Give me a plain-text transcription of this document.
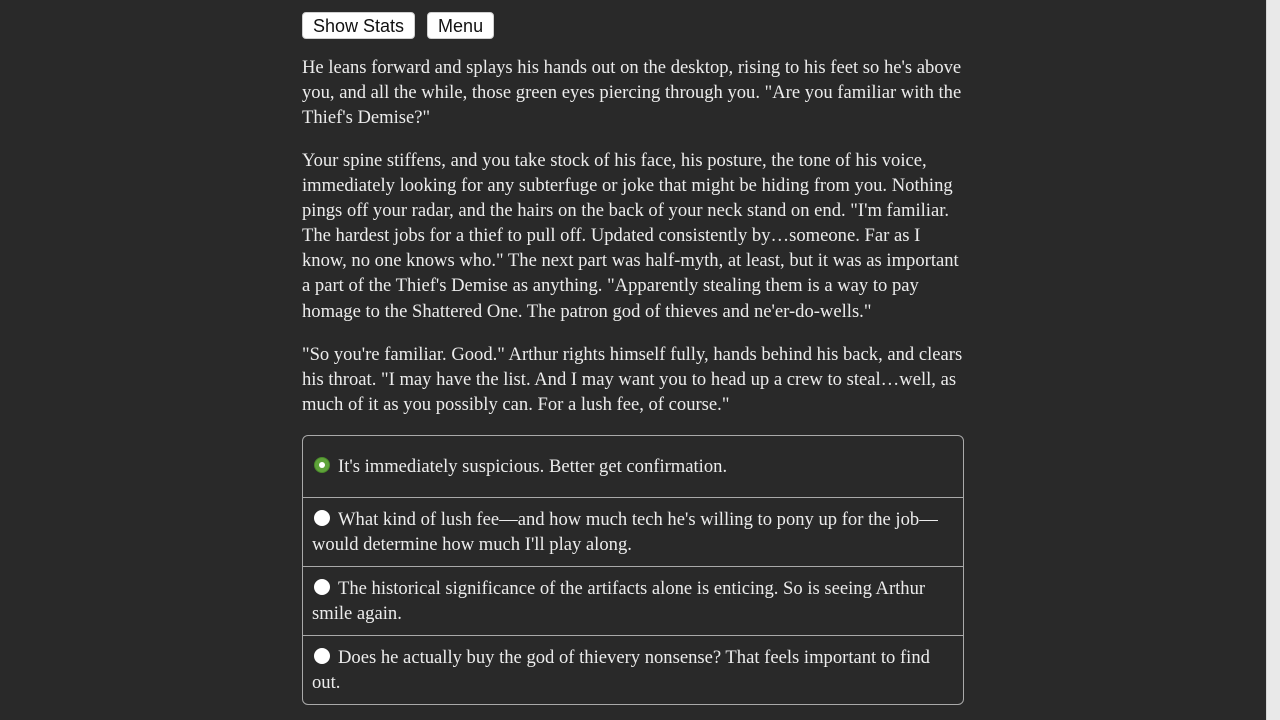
Show Stats	Menu

He leans forward and splays his hands out on the desktop, rising to his feet so he's above you, and all the while, those green eyes piercing through you. "Are you familiar with the Thief's Demise?"

Your spine stiffens, and you take stock of his face, his posture, the tone of his voice, immediately looking for any subterfuge or joke that might be hiding from you. Nothing pings off your radar, and the hairs on the back of your neck stand on end. "I'm familiar. The hardest jobs for a thief to pull off. Updated consistently by…someone. Far as I know, no one knows who." The next part was half-myth, at least, but it was as important a part of the Thief's Demise as anything. "Apparently stealing them is a way to pay homage to the Shattered One. The patron god of thieves and ne'er-do-wells."

"So you're familiar. Good." Arthur rights himself fully, hands behind his back, and clears his throat. "I may have the list. And I may want you to head up a crew to steal…well, as much of it as you possibly can. For a lush fee, of course."

It's immediately suspicious. Better get confirmation.
What kind of lush fee—and how much tech he's willing to pony up for the job—would determine how much I'll play along.
The historical significance of the artifacts alone is enticing. So is seeing Arthur smile again.
Does he actually buy the god of thievery nonsense? That feels important to find out.
